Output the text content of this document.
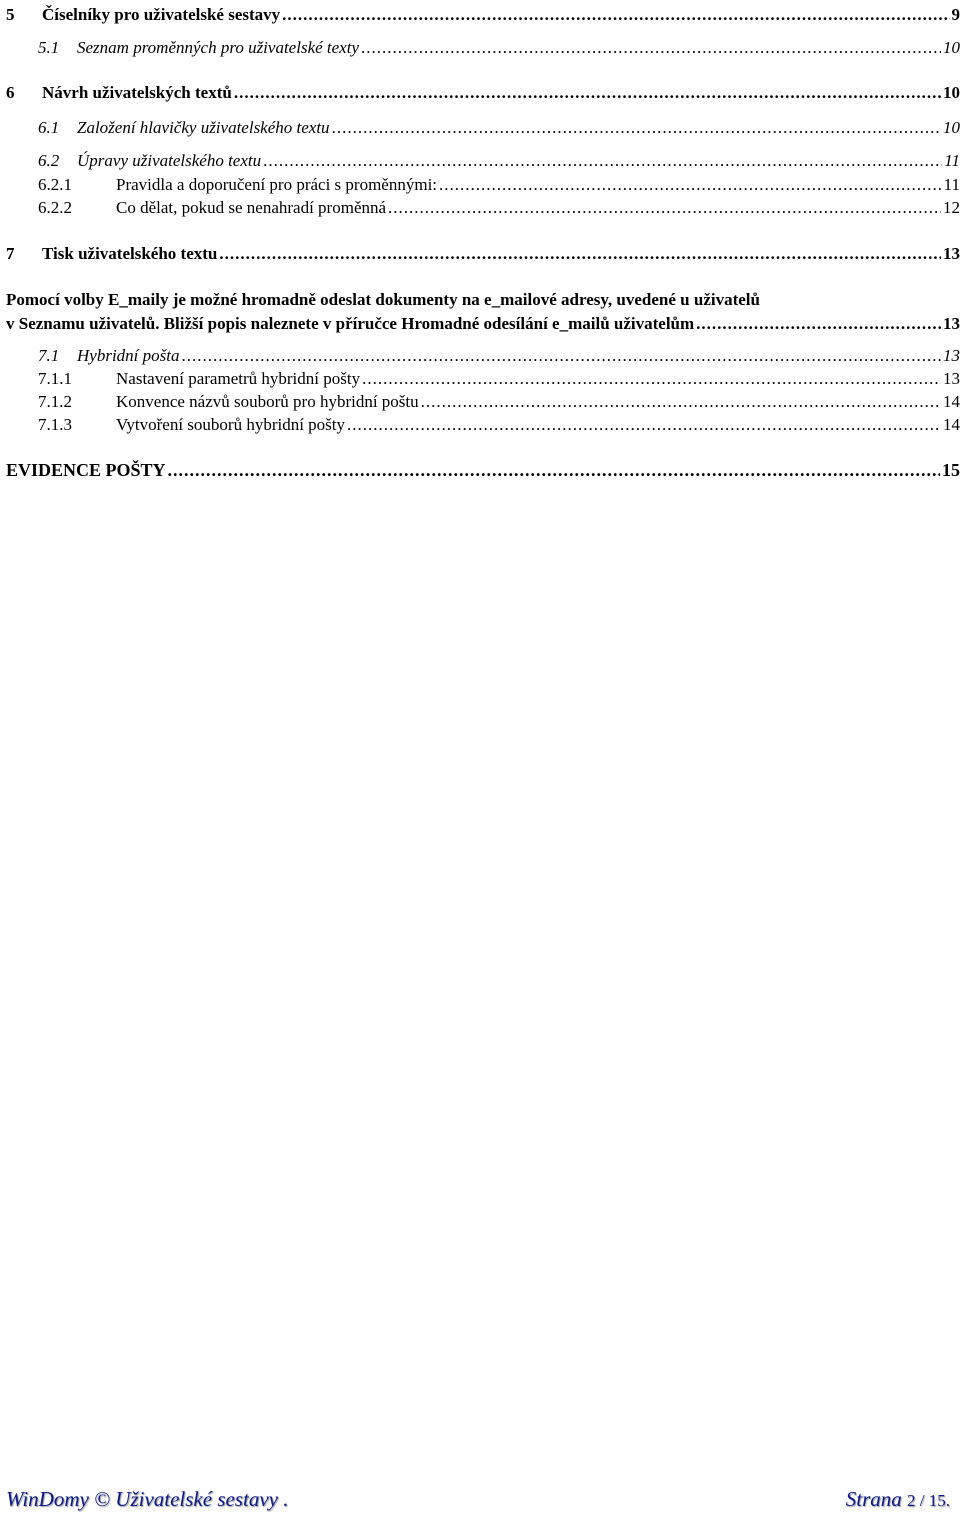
5	Číselníky pro uživatelské sestavy .....	9
5.1	Seznam proměnných pro uživatelské texty .....	10
6	Návrh uživatelských textů .....	10
6.1	Založení hlavičky uživatelského textu .....	10
6.2	Úpravy uživatelského textu .....	11
6.2.1	Pravidla a doporučení pro práci s proměnnými: .....	11
6.2.2	Co dělat, pokud se nenahradí proměnná .....	12
7	Tisk uživatelského textu .....	13
Pomocí volby E_maily je možné hromadně odeslat dokumenty na e_mailové adresy, uvedené u uživatelů
v Seznamu uživatelů. Bližší popis naleznete v příručce Hromadné odesílání e_mailů uživatelům .....	13
7.1	Hybridní pošta .....	13
7.1.1	Nastavení parametrů hybridní pošty .....	13
7.1.2	Konvence názvů souborů pro hybridní poštu .....	14
7.1.3	Vytvoření souborů hybridní pošty .....	14
EVIDENCE POŠTY .....	15
WinDomy © Uživatelské sestavy .	Strana 2 / 15.
